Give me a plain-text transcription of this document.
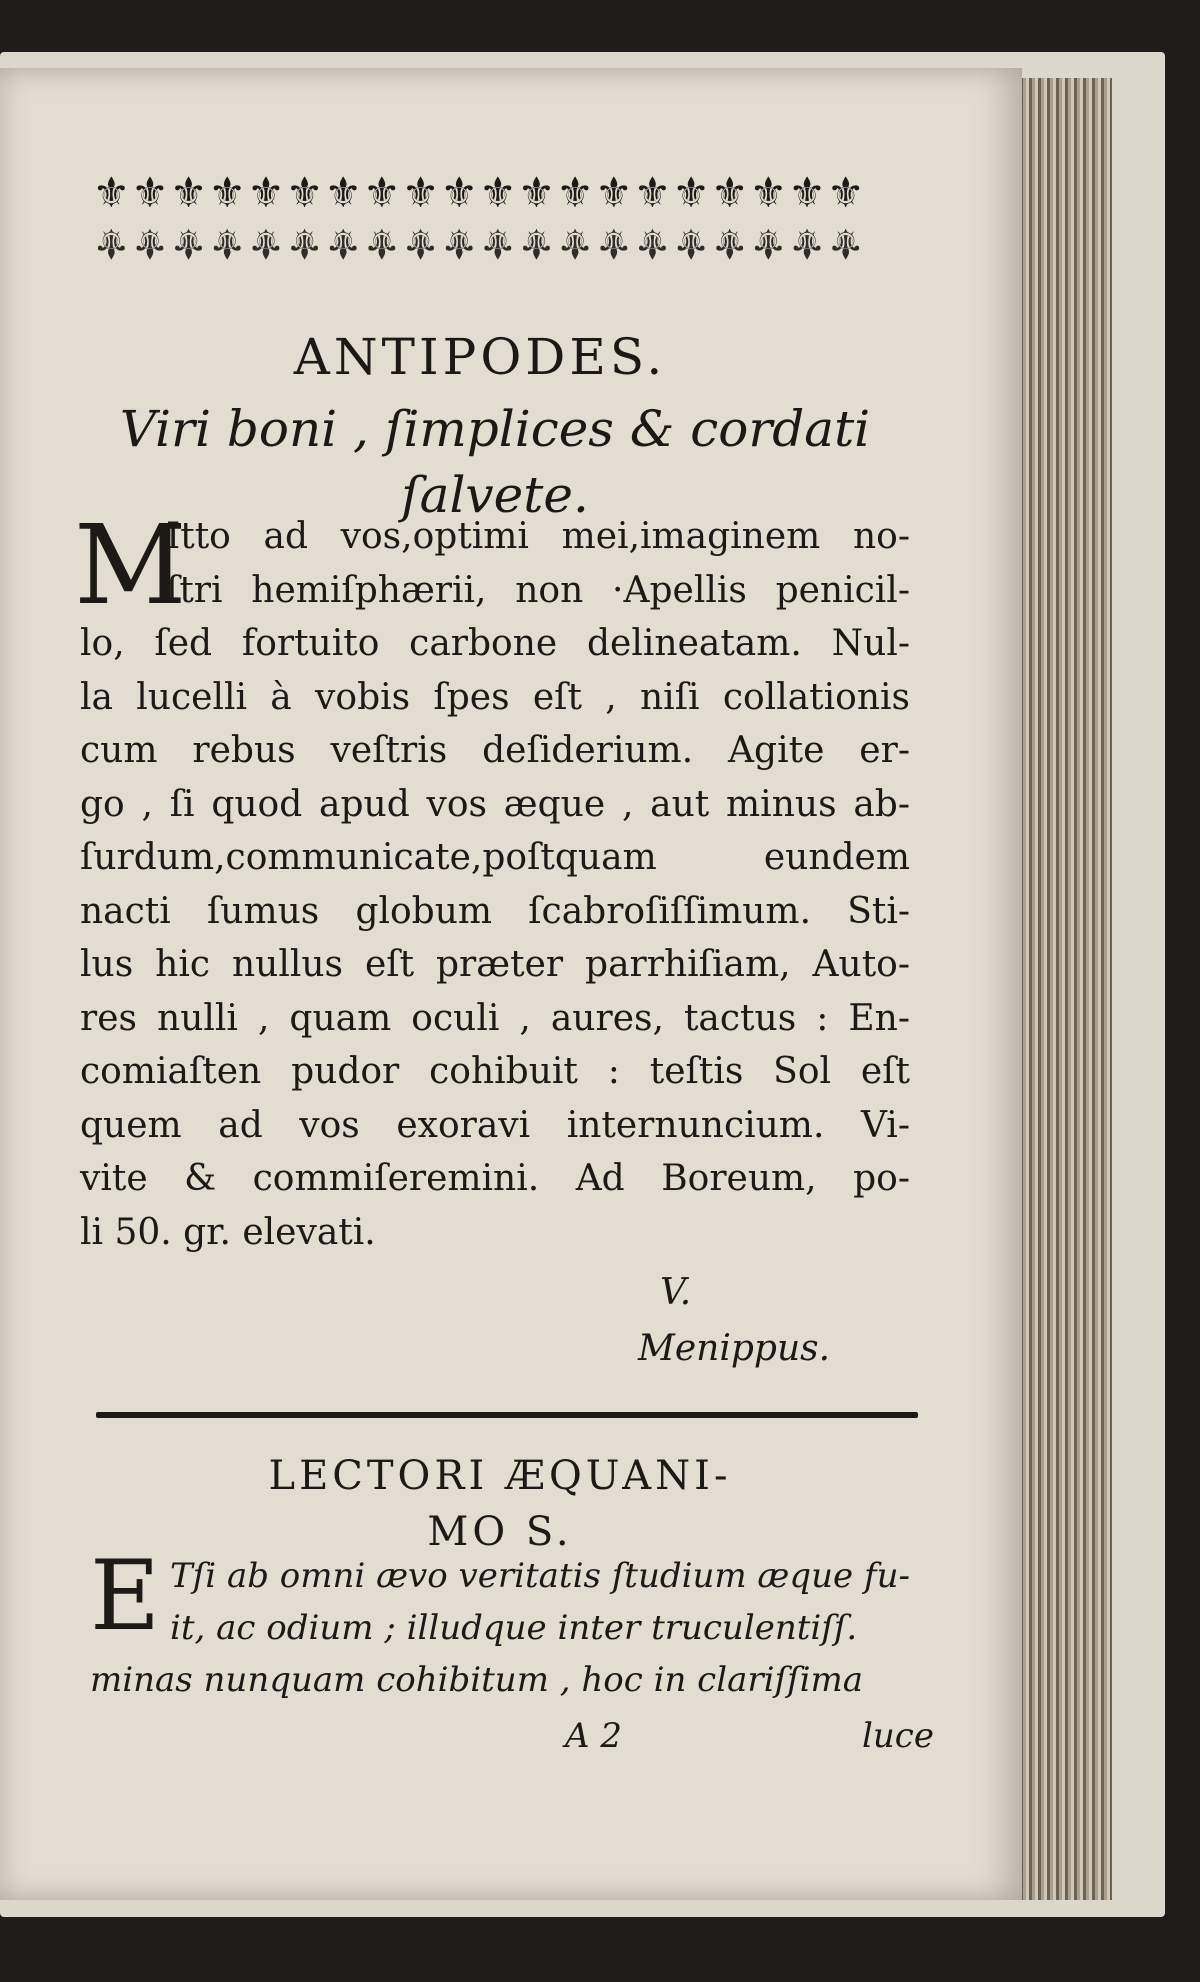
⚜⚜⚜⚜⚜⚜⚜⚜⚜⚜⚜⚜⚜⚜⚜⚜⚜⚜⚜⚜
⚜⚜⚜⚜⚜⚜⚜⚜⚜⚜⚜⚜⚜⚜⚜⚜⚜⚜⚜⚜
ANTIPODES.
Viri boni , ſimplices & cordati
ſalvete.
M
Itto ad vos,optimi mei,imaginem no-
ſtri hemiſphærii, non ·Apellis penicil-
lo, ſed fortuito carbone delineatam. Nul-
la lucelli à vobis ſpes eſt , niſi collationis
cum rebus veſtris deſiderium. Agite er-
go , ſi quod apud vos æque , aut minus ab-
ſurdum,communicate,poſtquam eundem
nacti ſumus globum ſcabroſiſſimum. Sti-
lus hic nullus eſt præter parrhiſiam, Auto-
res nulli , quam oculi , aures, tactus : En-
comiaſten pudor cohibuit : teſtis Sol eſt
quem ad vos exoravi internuncium. Vi-
vite & commiſeremini. Ad Boreum, po-
li 50. gr. elevati.
V.
Menippus.
LECTORI ÆQUANI-
MO S.
E Tſi ab omni ævo veritatis ſtudium æque fu-
it, ac odium ; illudque inter truculentiſſ.
minas nunquam cohibitum , hoc in clariſſima
A 2	luce
